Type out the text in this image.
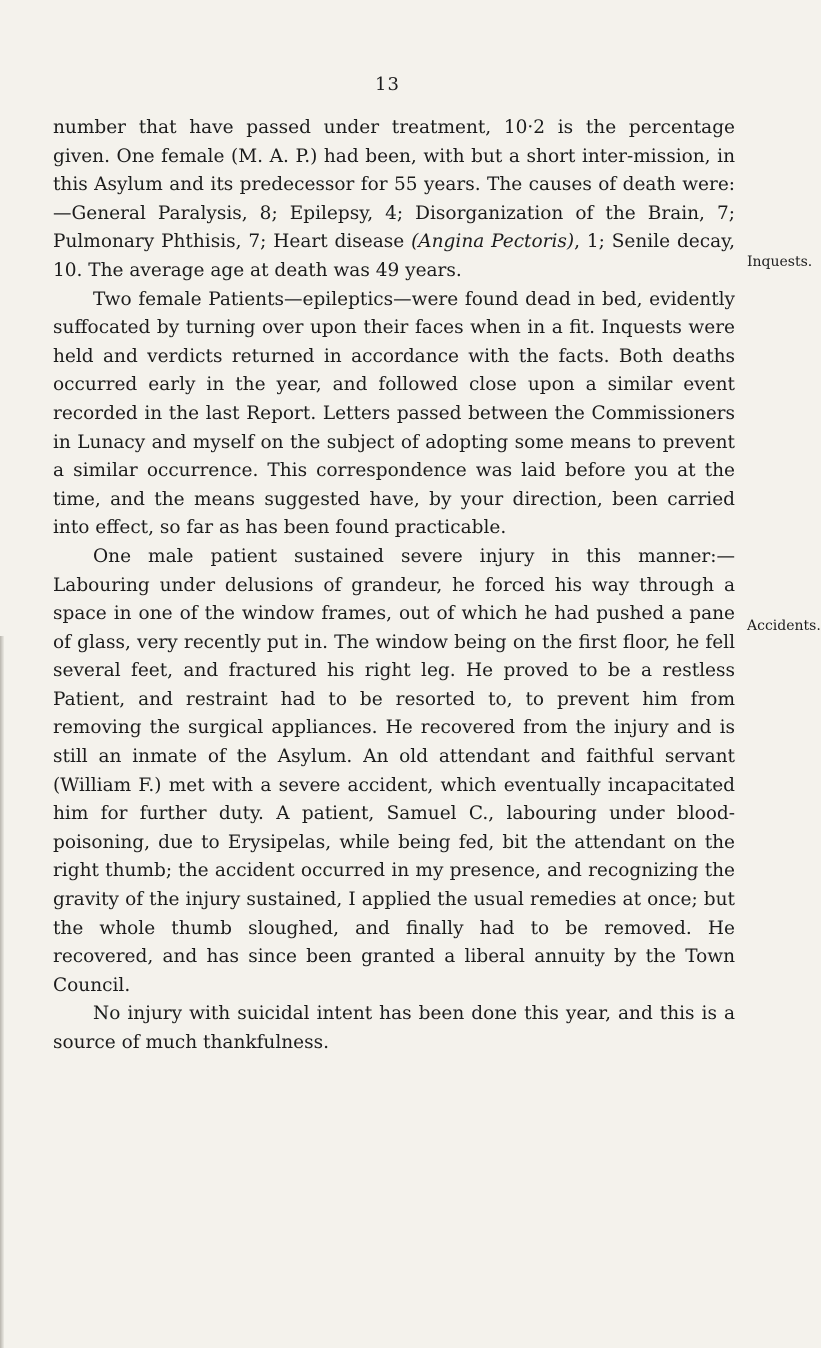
13
Inquests.
Accidents.

number that have passed under treatment, 10·2 is the percentage given. One female (M. A. P.) had been, with but a short inter-mission, in this Asylum and its predecessor for 55 years. The causes of death were:—General Paralysis, 8; Epilepsy, 4; Disorganization of the Brain, 7; Pulmonary Phthisis, 7; Heart disease (Angina Pectoris), 1; Senile decay, 10. The average age at death was 49 years.

Two female Patients—epileptics—were found dead in bed, evidently suffocated by turning over upon their faces when in a fit. Inquests were held and verdicts returned in accordance with the facts. Both deaths occurred early in the year, and followed close upon a similar event recorded in the last Report. Letters passed between the Commissioners in Lunacy and myself on the subject of adopting some means to prevent a similar occurrence. This correspondence was laid before you at the time, and the means suggested have, by your direction, been carried into effect, so far as has been found practicable.

One male patient sustained severe injury in this manner:— Labouring under delusions of grandeur, he forced his way through a space in one of the window frames, out of which he had pushed a pane of glass, very recently put in. The window being on the first floor, he fell several feet, and fractured his right leg. He proved to be a restless Patient, and restraint had to be resorted to, to prevent him from removing the surgical appliances. He recovered from the injury and is still an inmate of the Asylum. An old attendant and faithful servant (William F.) met with a severe accident, which eventually incapacitated him for further duty. A patient, Samuel C., labouring under blood-poisoning, due to Erysipelas, while being fed, bit the attendant on the right thumb; the accident occurred in my presence, and recognizing the gravity of the injury sustained, I applied the usual remedies at once; but the whole thumb sloughed, and finally had to be removed. He recovered, and has since been granted a liberal annuity by the Town Council.

No injury with suicidal intent has been done this year, and this is a source of much thankfulness.
